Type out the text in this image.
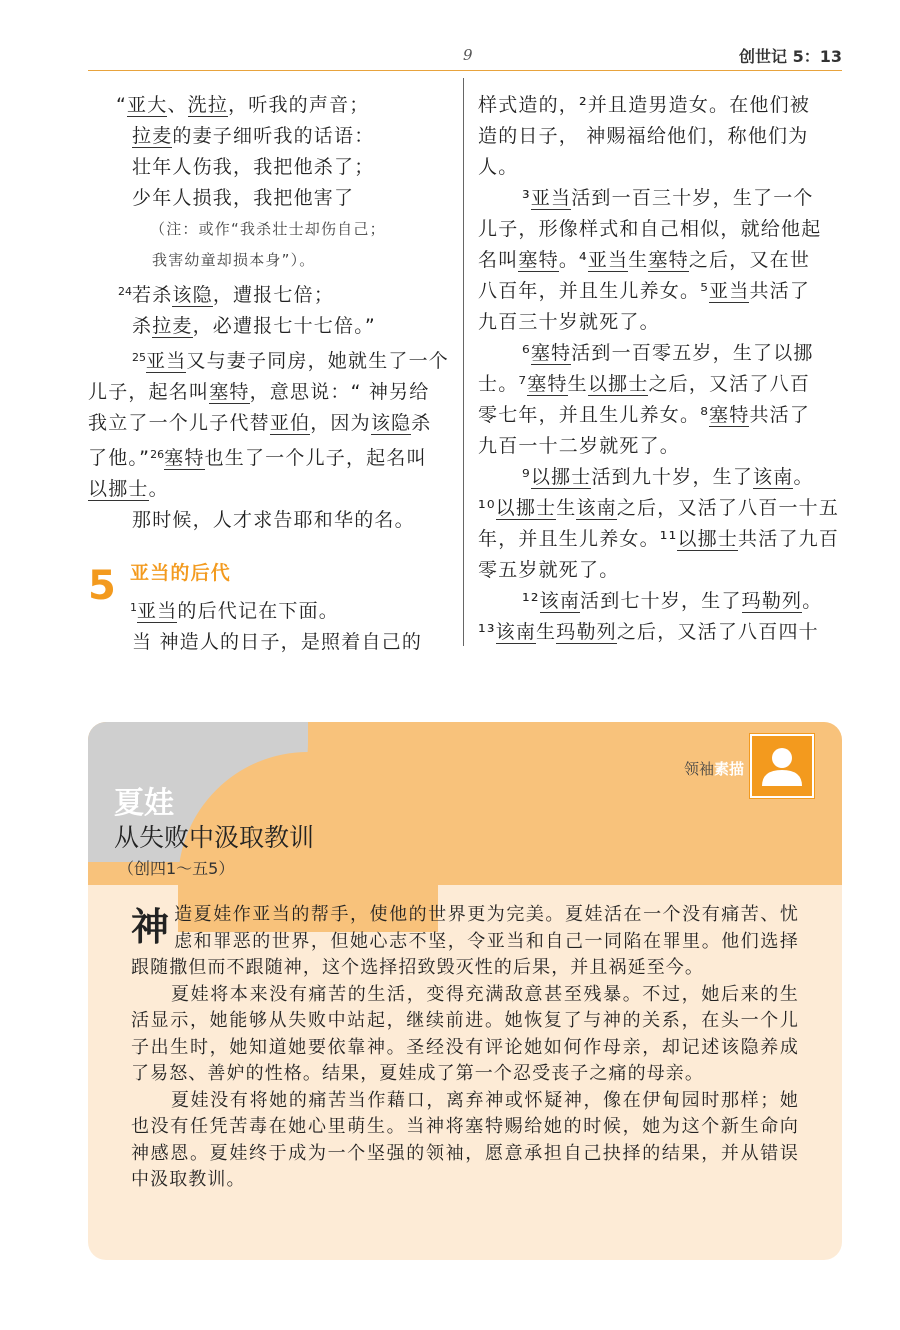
9	创世记 5：13
“亚大、洗拉，听我的声音；
拉麦的妻子细听我的话语：
壮年人伤我，我把他杀了；
少年人损我，我把他害了
（注：或作“我杀壮士却伤自己；
我害幼童却损本身”）。
$^{24}$若杀该隐，遭报七倍；
杀拉麦，必遭报七十七倍。”
$^{25}$亚当又与妻子同房，她就生了一个
儿子，起名叫塞特，意思说：“ 神另给
我立了一个儿子代替亚伯，因为该隐杀
了他。”$^{26}$塞特也生了一个儿子，起名叫
以挪士。
那时候，人才求告耶和华的名。
5 亚当的后代
$^1$亚当的后代记在下面。
当 神造人的日子，是照着自己的
样式造的，²并且造男造女。在他们被
造的日子， 神赐福给他们，称他们为
人。
³亚当活到一百三十岁，生了一个
儿子，形像样式和自己相似，就给他起
名叫塞特。⁴亚当生塞特之后，又在世
八百年，并且生儿养女。⁵亚当共活了
九百三十岁就死了。
⁶塞特活到一百零五岁，生了以挪
士。⁷塞特生以挪士之后，又活了八百
零七年，并且生儿养女。⁸塞特共活了
九百一十二岁就死了。
⁹以挪士活到九十岁，生了该南。
¹⁰以挪士生该南之后，又活了八百一十五
年，并且生儿养女。¹¹以挪士共活了九百
零五岁就死了。
¹²该南活到七十岁，生了玛勒列。
¹³该南生玛勒列之后，又活了八百四十
领袖素描
夏娃
从失败中汲取教训
（创四1～五5）

神造夏娃作亚当的帮手，使他的世界更为完美。夏娃活在一个没有痛苦、忧虑和罪恶的世界，但她心志不坚，令亚当和自己一同陷在罪里。他们选择跟随撒但而不跟随神，这个选择招致毁灭性的后果，并且祸延至今。

夏娃将本来没有痛苦的生活，变得充满敌意甚至残暴。不过，她后来的生活显示，她能够从失败中站起，继续前进。她恢复了与神的关系，在头一个儿子出生时，她知道她要依靠神。圣经没有评论她如何作母亲，却记述该隐养成了易怒、善妒的性格。结果，夏娃成了第一个忍受丧子之痛的母亲。

夏娃没有将她的痛苦当作藉口，离弃神或怀疑神，像在伊甸园时那样；她也没有任凭苦毒在她心里萌生。当神将塞特赐给她的时候，她为这个新生命向神感恩。夏娃终于成为一个坚强的领袖，愿意承担自己抉择的结果，并从错误中汲取教训。
